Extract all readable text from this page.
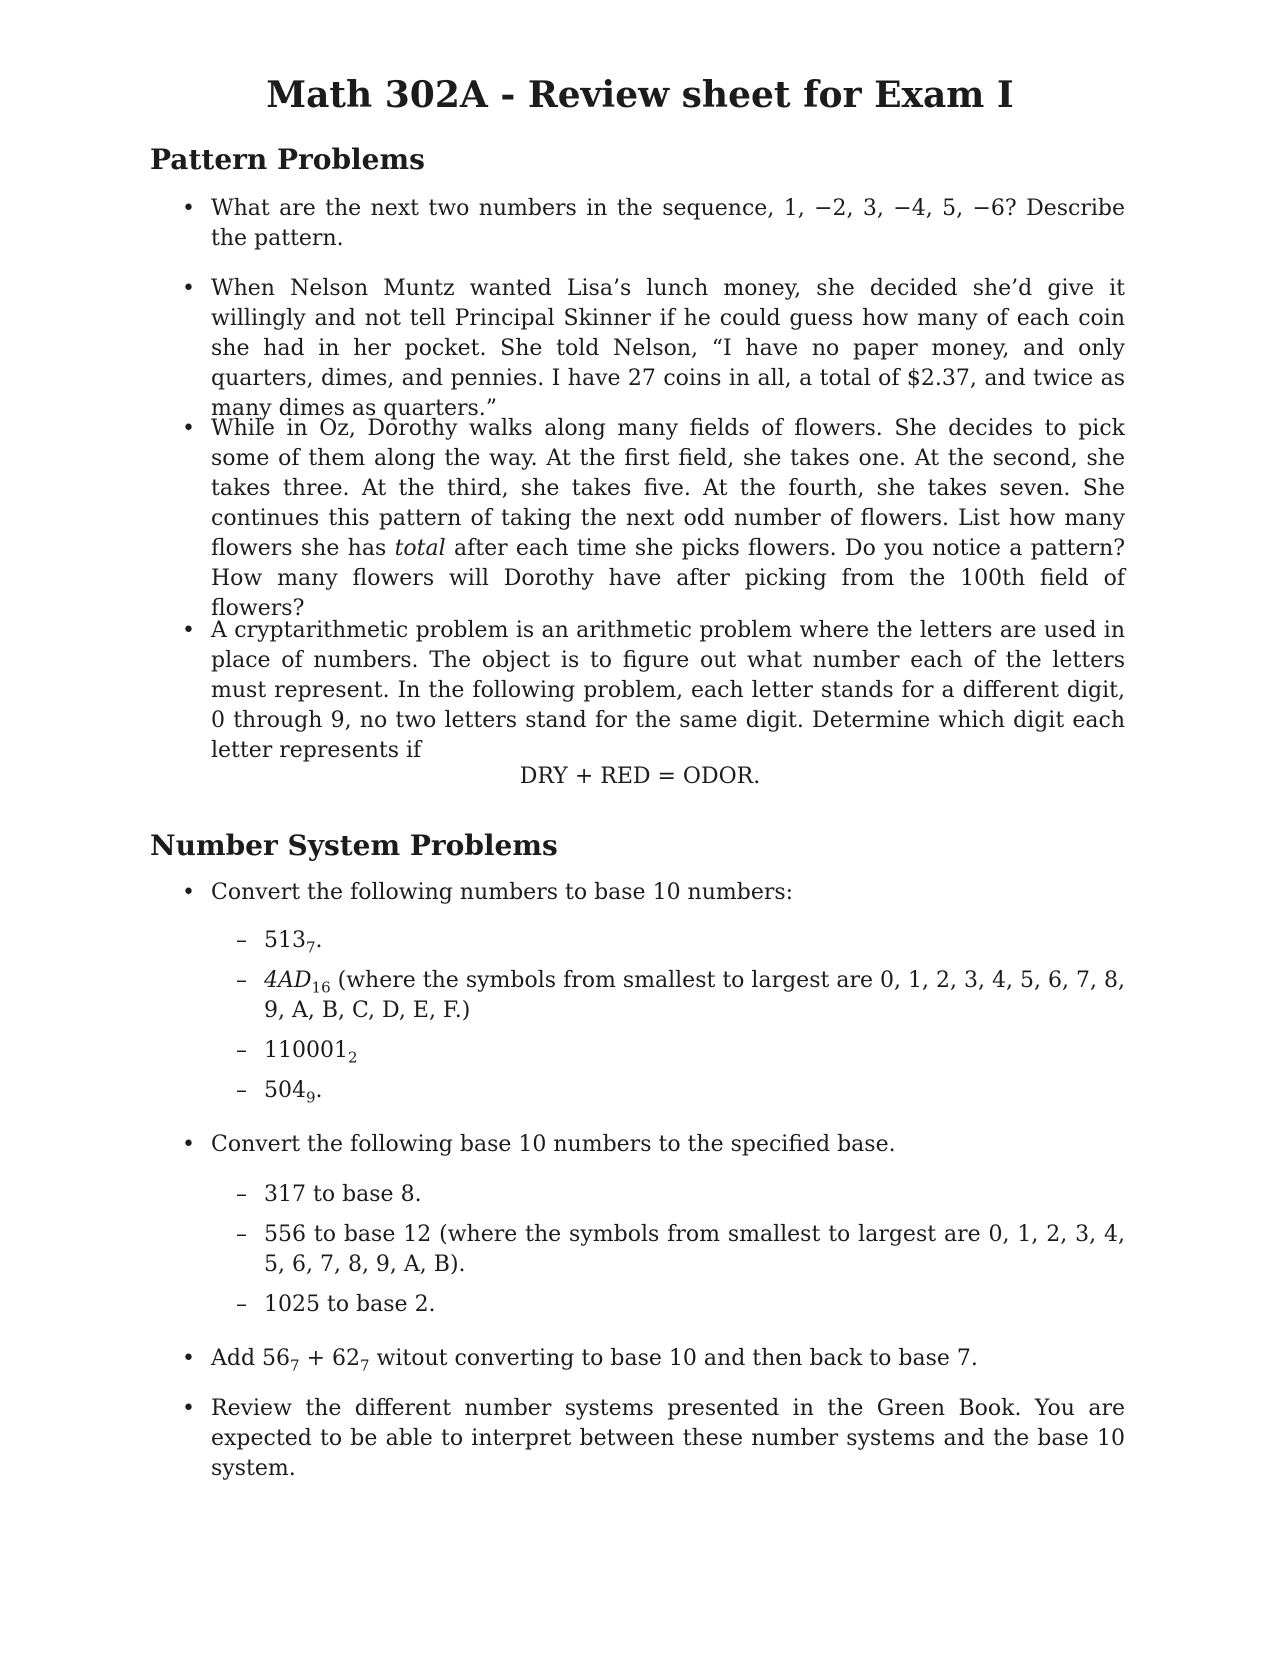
Math 302A - Review sheet for Exam I
Pattern Problems
• What are the next two numbers in the sequence, 1, −2, 3, −4, 5, −6? Describe the pattern.

• When Nelson Muntz wanted Lisa’s lunch money, she decided she’d give it willingly and not tell Principal Skinner if he could guess how many of each coin she had in her pocket. She told Nelson, “I have no paper money, and only quarters, dimes, and pennies. I have 27 coins in all, a total of $2.37, and twice as many dimes as quarters.”

• While in Oz, Dorothy walks along many fields of flowers. She decides to pick some of them along the way. At the first field, she takes one. At the second, she takes three. At the third, she takes five. At the fourth, she takes seven. She continues this pattern of taking the next odd number of flowers. List how many flowers she has total after each time she picks flowers. Do you notice a pattern? How many flowers will Dorothy have after picking from the 100th field of flowers?

• A cryptarithmetic problem is an arithmetic problem where the letters are used in place of numbers. The object is to figure out what number each of the letters must represent. In the following problem, each letter stands for a different digit, 0 through 9, no two letters stand for the same digit. Determine which digit each letter represents if

DRY + RED = ODOR.

Number System Problems
• Convert the following numbers to base 10 numbers:

– $513_7$.

– $4AD_{16}$ (where the symbols from smallest to largest are 0, 1, 2, 3, 4, 5, 6, 7, 8, 9, A, B, C, D, E, F.)

– $110001_2$

– $504_9$.

• Convert the following base 10 numbers to the specified base.

– 317 to base 8.

– 556 to base 12 (where the symbols from smallest to largest are 0, 1, 2, 3, 4, 5, 6, 7, 8, 9, A, B).

– 1025 to base 2.

• Add $56_7 + 62_7$ witout converting to base 10 and then back to base 7.

• Review the different number systems presented in the Green Book. You are expected to be able to interpret between these number systems and the base 10 system.
